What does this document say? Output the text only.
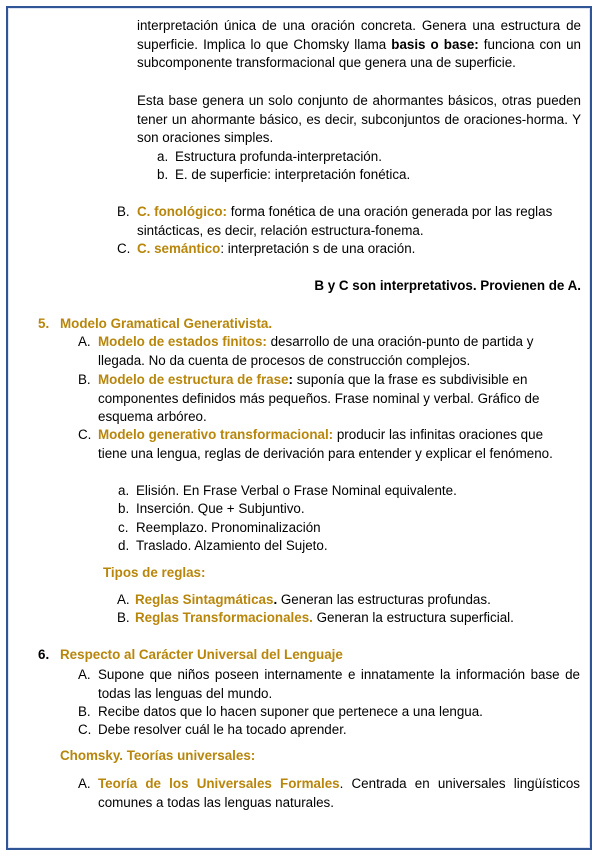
interpretación única de una oración concreta. Genera una estructura de superficie. Implica lo que Chomsky llama basis o base: funciona con un subcomponente transformacional que genera una de superficie.
Esta base genera un solo conjunto de ahormantes básicos, otras pueden tener un ahormante básico, es decir, subconjuntos de oraciones-horma. Y son oraciones simples.
a. Estructura profunda-interpretación.
b. E. de superficie: interpretación fonética.
B. C. fonológico: forma fonética de una oración generada por las reglas sintácticas, es decir, relación estructura-fonema.
C. C. semántico: interpretación s de una oración.
B y C son interpretativos. Provienen de A.
5. Modelo Gramatical Generativista.
A. Modelo de estados finitos: desarrollo de una oración-punto de partida y llegada. No da cuenta de procesos de construcción complejos.
B. Modelo de estructura de frase: suponía que la frase es subdivisible en componentes definidos más pequeños. Frase nominal y verbal. Gráfico de esquema arbóreo.
C. Modelo generativo transformacional: producir las infinitas oraciones que tiene una lengua, reglas de derivación para entender y explicar el fenómeno.
a. Elisión. En Frase Verbal o Frase Nominal equivalente.
b. Inserción. Que + Subjuntivo.
c. Reemplazo. Pronominalización
d. Traslado. Alzamiento del Sujeto.
Tipos de reglas:
A. Reglas Sintagmáticas. Generan las estructuras profundas.
B. Reglas Transformacionales. Generan la estructura superficial.
6. Respecto al Carácter Universal del Lenguaje
A. Supone que niños poseen internamente e innatamente la información base de todas las lenguas del mundo.
B. Recibe datos que lo hacen suponer que pertenece a una lengua.
C. Debe resolver cuál le ha tocado aprender.
Chomsky. Teorías universales:
A. Teoría de los Universales Formales. Centrada en universales lingüísticos comunes a todas las lenguas naturales.
